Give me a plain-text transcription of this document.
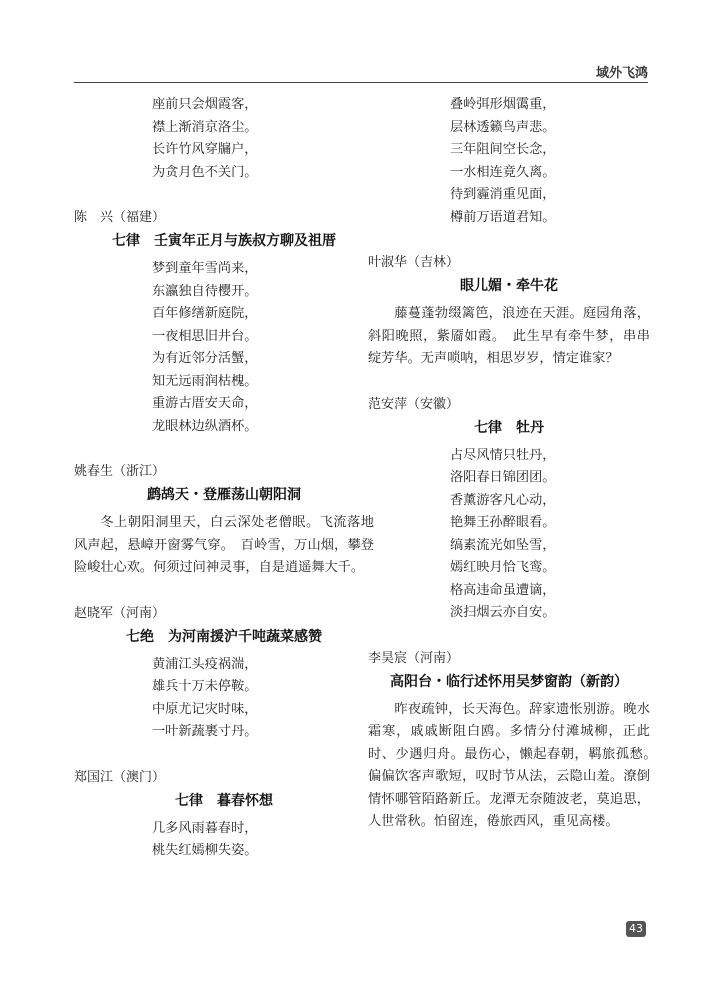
域外飞鸿
座前只会烟霞客，
襟上渐消京洛尘。
长许竹风穿牖户，
为贪月色不关门。
陈　兴（福建）
七律　壬寅年正月与族叔方聊及祖厝
梦到童年雪尚来，
东瀛独自待樱开。
百年修缮新庭院，
一夜相思旧井台。
为有近邻分活蟹，
知无远雨润枯槐。
重游古厝安天命，
龙眼林边纵酒杯。
姚春生（浙江）
鹧鸪天・登雁荡山朝阳洞
冬上朝阳洞里天，白云深处老僧眠。飞流落地风声起，悬嶂开窗雾气穿。　百岭雪，万山烟，攀登险峻壮心欢。何须过问神灵事，自是逍遥舞大千。
赵晓军（河南）
七绝　为河南援沪千吨蔬菜感赞
黄浦江头疫祸湍，
雄兵十万未停鞍。
中原尤记灾时味，
一叶新蔬裹寸丹。
郑国江（澳门）
七律　暮春怀想
几多风雨暮春时，
桃失红嫣柳失姿。
叠岭弭形烟霭重，
层林透籁鸟声悲。
三年阻间空长念，
一水相连竟久离。
待到霾消重见面，
樽前万语道君知。
叶淑华（吉林）
眼儿媚・牵牛花
藤蔓蓬勃缀篱笆，浪迹在天涯。庭园角落，斜阳晚照，紫靥如霞。　此生早有牵牛梦，串串绽芳华。无声唢呐，相思岁岁，情定谁家？
范安萍（安徽）
七律　牡丹
占尽风情只牡丹，
洛阳春日锦团团。
香薰游客凡心动，
艳舞王孙醉眼看。
缟素流光如坠雪，
嫣红映月恰飞鸾。
格高违命虽遭谪，
淡扫烟云亦自安。
李昊宸（河南）
高阳台・临行述怀用吴梦窗韵（新韵）
昨夜疏钟，长天海色。辞家遗怅别游。晚水霜寒，戚戚断阻白鸥。多情分付滩城柳，正此时、少遇归舟。最伤心，懒起春朝，羁旅孤愁。　偏偏饮客声歌短，叹时节从法，云隐山羞。潦倒情怀哪管陌路新丘。龙潭无奈随波老，莫追思，人世常秋。怕留连，倦旅西风，重见高楼。
43
